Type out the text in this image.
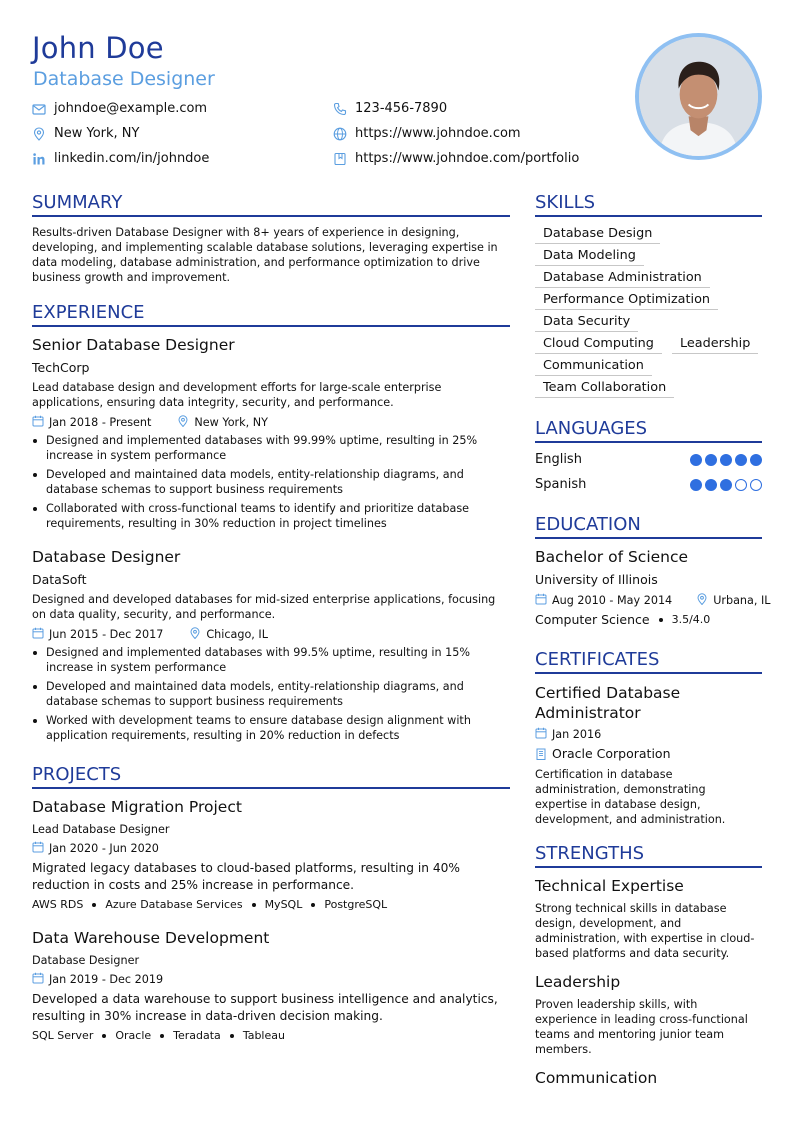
John Doe
Database Designer
johndoe@example.com	123-456-7890
New York, NY	https://www.johndoe.com
linkedin.com/in/johndoe	https://www.johndoe.com/portfolio
SUMMARY
Results-driven Database Designer with 8+ years of experience in designing, developing, and implementing scalable database solutions, leveraging expertise in data modeling, database administration, and performance optimization to drive business growth and improvement.
EXPERIENCE
Senior Database Designer
TechCorp
Lead database design and development efforts for large-scale enterprise applications, ensuring data integrity, security, and performance.
Jan 2018 - Present	New York, NY
Designed and implemented databases with 99.99% uptime, resulting in 25% increase in system performance
Developed and maintained data models, entity-relationship diagrams, and database schemas to support business requirements
Collaborated with cross-functional teams to identify and prioritize database requirements, resulting in 30% reduction in project timelines
Database Designer
DataSoft
Designed and developed databases for mid-sized enterprise applications, focusing on data quality, security, and performance.
Jun 2015 - Dec 2017	Chicago, IL
Designed and implemented databases with 99.5% uptime, resulting in 15% increase in system performance
Developed and maintained data models, entity-relationship diagrams, and database schemas to support business requirements
Worked with development teams to ensure database design alignment with application requirements, resulting in 20% reduction in defects
PROJECTS
Database Migration Project
Lead Database Designer
Jan 2020 - Jun 2020
Migrated legacy databases to cloud-based platforms, resulting in 40% reduction in costs and 25% increase in performance.
AWS RDS Azure Database Services MySQL PostgreSQL
Data Warehouse Development
Database Designer
Jan 2019 - Dec 2019
Developed a data warehouse to support business intelligence and analytics, resulting in 30% increase in data-driven decision making.
SQL Server Oracle Teradata Tableau
SKILLS
Database Design
Data Modeling
Database Administration
Performance Optimization
Data Security
Cloud Computing	Leadership
Communication
Team Collaboration
LANGUAGES
English
Spanish
EDUCATION
Bachelor of Science
University of Illinois
Aug 2010 - May 2014	Urbana, IL
Computer Science 3.5/4.0
CERTIFICATES
Certified Database Administrator
Jan 2016
Oracle Corporation
Certification in database administration, demonstrating expertise in database design, development, and administration.
STRENGTHS
Technical Expertise
Strong technical skills in database design, development, and administration, with expertise in cloud-based platforms and data security.
Leadership
Proven leadership skills, with experience in leading cross-functional teams and mentoring junior team members.
Communication
